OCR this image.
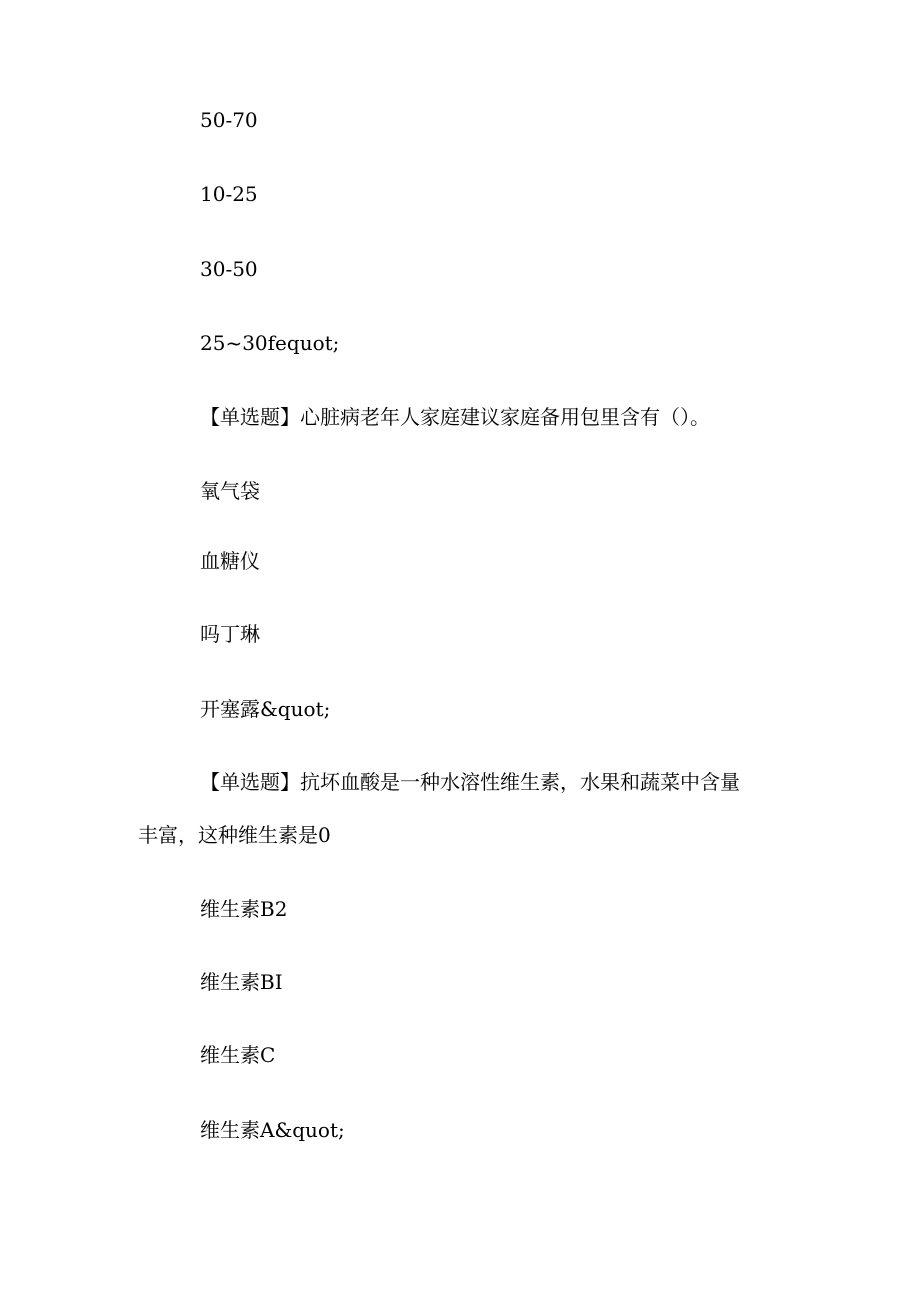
50-70
10-25
30-50
25~30fequot;
【单选题】心脏病老年人家庭建议家庭备用包里含有（）。
氧气袋
血糖仪
吗丁琳
开塞露&quot;
【单选题】抗坏血酸是一种水溶性维生素，水果和蔬菜中含量
丰富，这种维生素是0
维生素B2
维生素BI
维生素C
维生素A&quot;
